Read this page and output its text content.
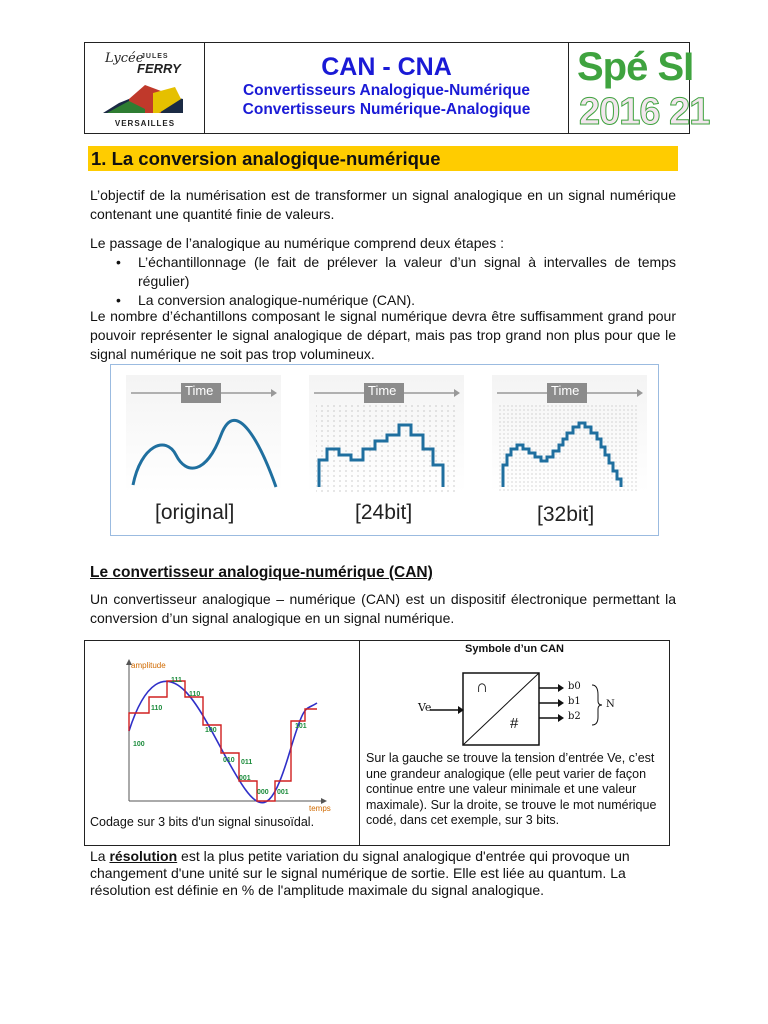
Lycée
JULES
FERRY
VERSAILLES
CAN - CNA
Convertisseurs Analogique-Numérique
Convertisseurs Numérique-Analogique
Spé SI
2016 21
1. La conversion analogique-numérique
L’objectif de la numérisation est de transformer un signal analogique en un signal numérique contenant une quantité finie de valeurs.
Le passage de l’analogique au numérique comprend deux étapes :
• L’échantillonnage (le fait de prélever la valeur d’un signal à intervalles de temps régulier)
• La conversion analogique-numérique (CAN).
Le nombre d’échantillons composant le signal numérique devra être suffisamment grand pour pouvoir représenter le signal analogique de départ, mais pas trop grand non plus pour que le signal numérique ne soit pas trop volumineux.
Time	Time	Time
[original]	[24bit]	[32bit]
Le convertisseur analogique-numérique (CAN)
Un convertisseur analogique – numérique (CAN) est un dispositif électronique permettant la conversion d’un signal analogique en un signal numérique.
amplitude
temps
111
110
110
101
100
100
011
010
001
000 001
Codage sur 3 bits d'un signal sinusoïdal.
Symbole d’un CAN
Ve
∩
#
b0
b1
b2
N
Sur la gauche se trouve la tension d’entrée Ve, c’est une grandeur analogique (elle peut varier de façon continue entre une valeur minimale et une valeur maximale). Sur la droite, se trouve le mot numérique codé, dans cet exemple, sur 3 bits.
La résolution est la plus petite variation du signal analogique d'entrée qui provoque un changement d'une unité sur le signal numérique de sortie. Elle est liée au quantum. La résolution est définie en % de l'amplitude maximale du signal analogique.
